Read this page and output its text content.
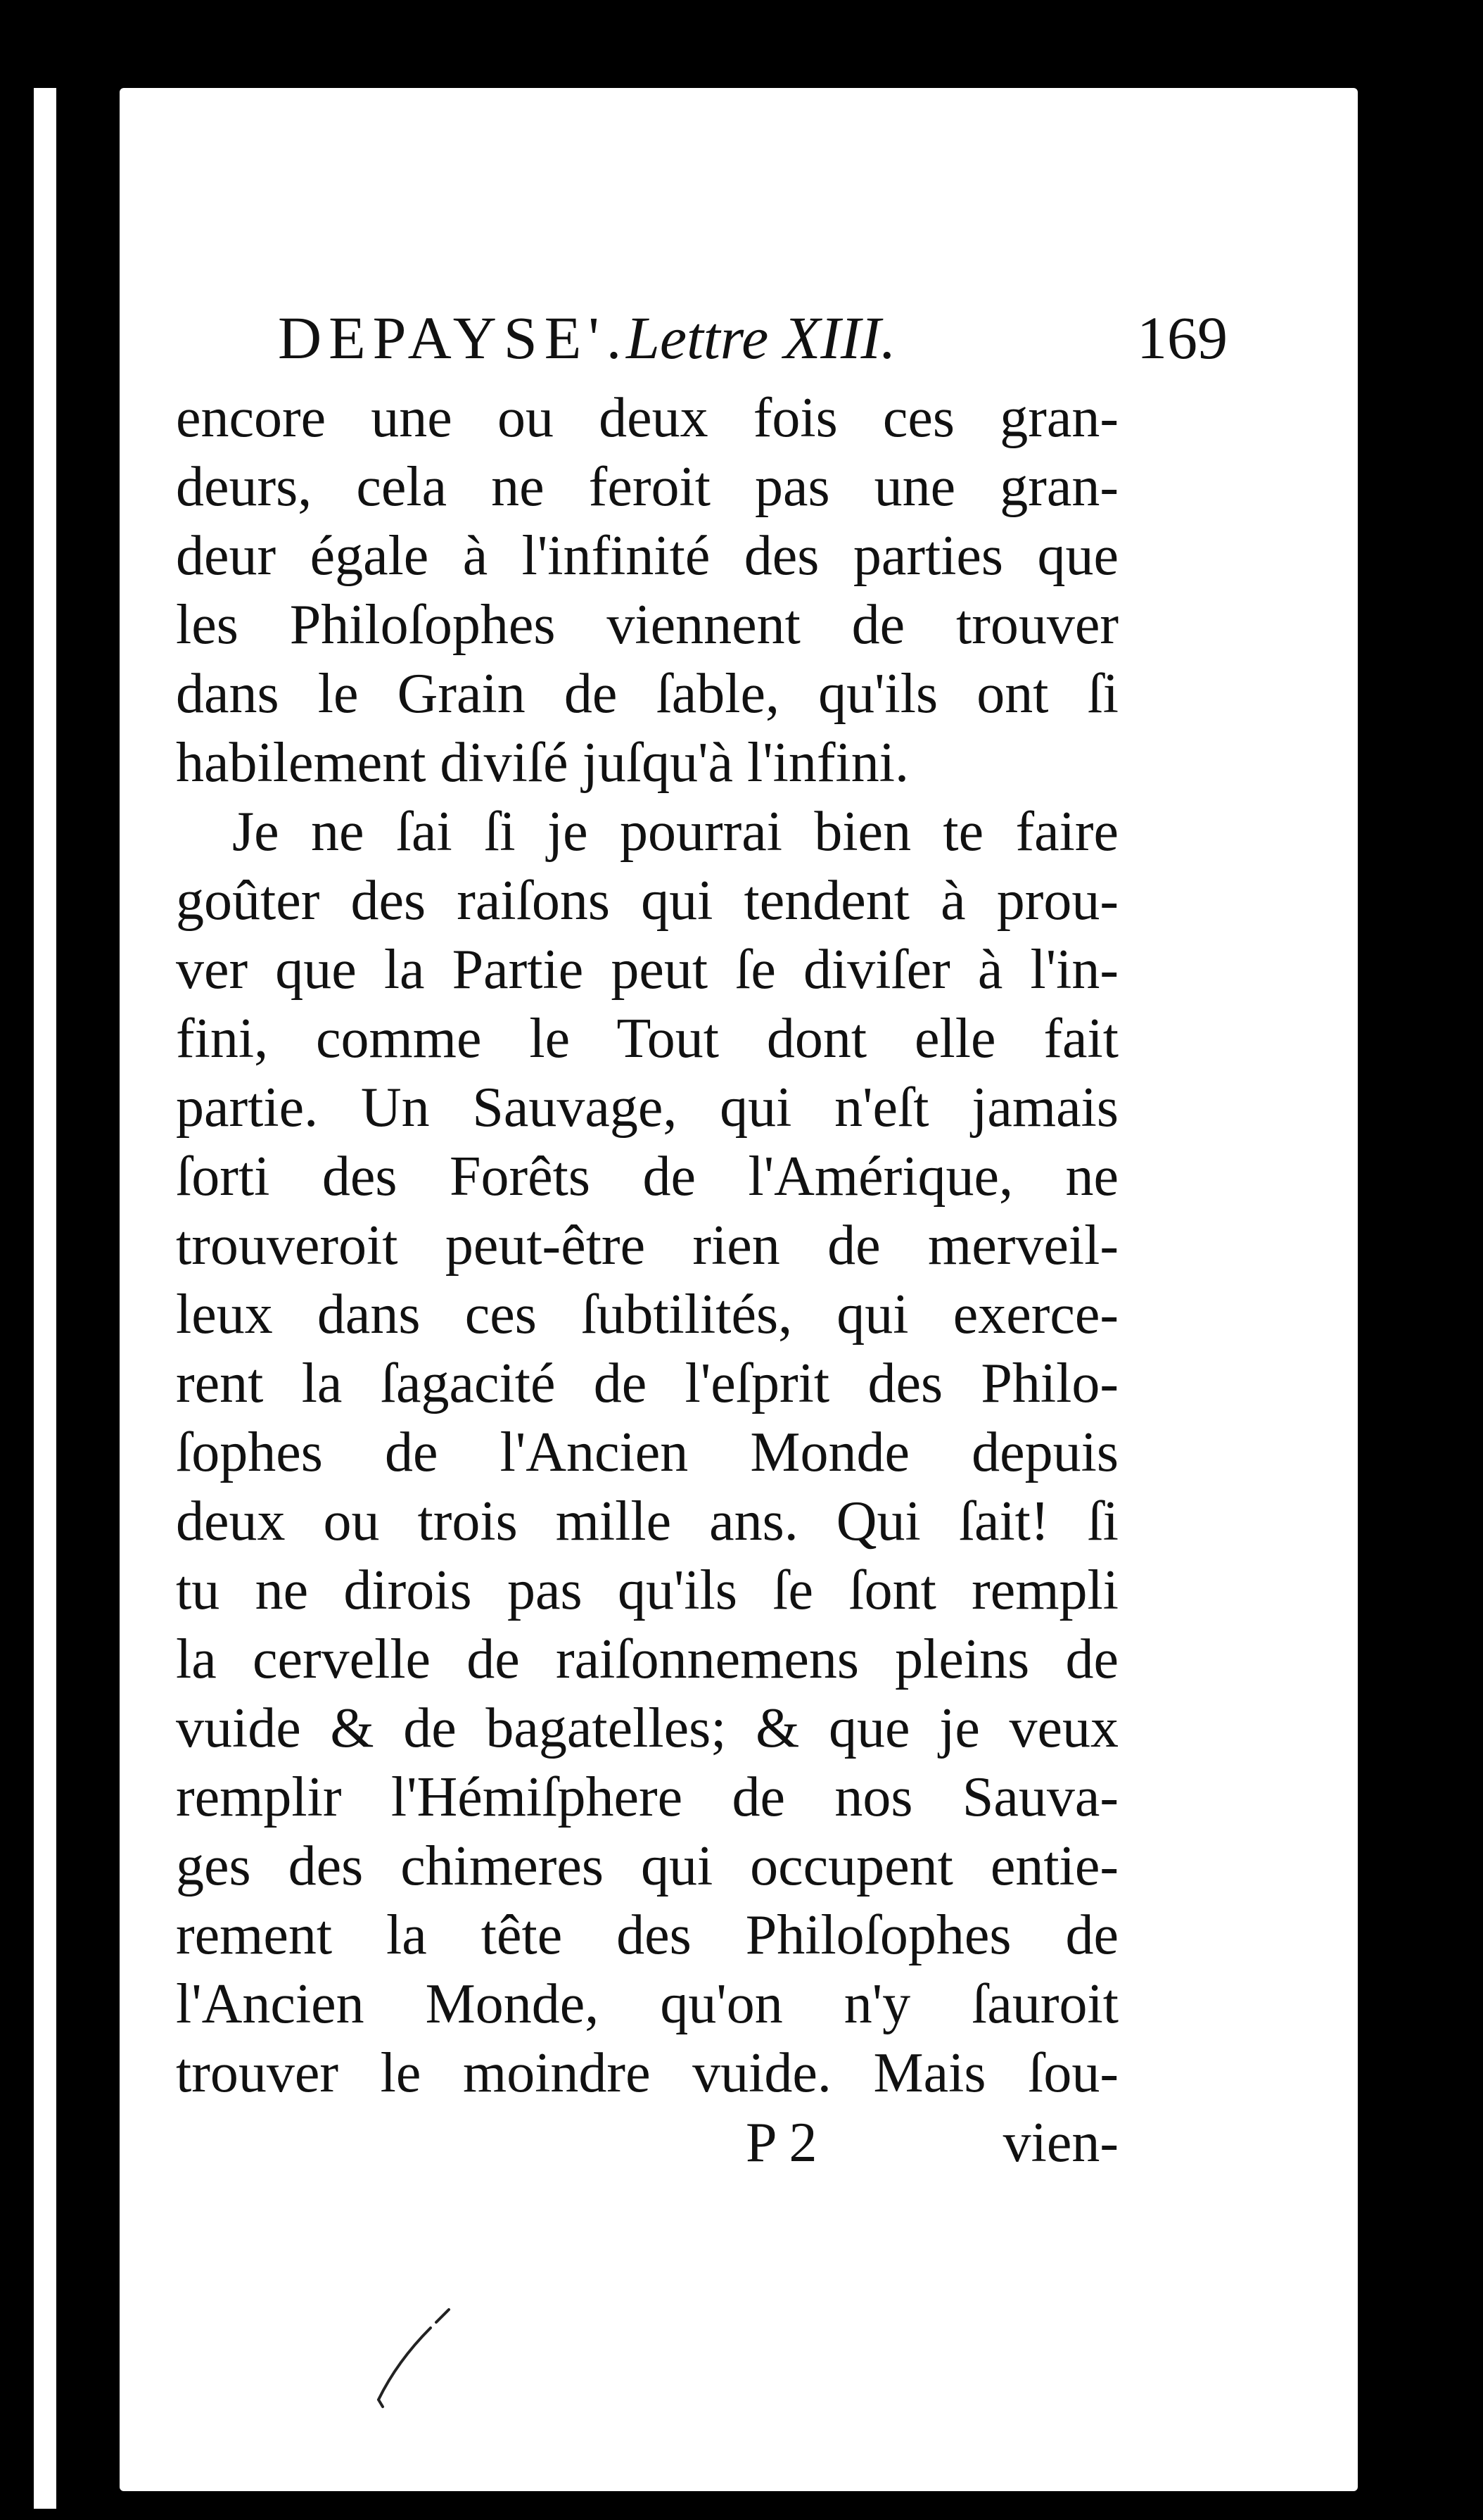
DEPAYSE'.
Lettre XIII.	169
encore une ou deux fois ces gran-
deurs, cela ne feroit pas une gran-
deur égale à l'infinité des parties que
les Philoſophes viennent de trouver
dans le Grain de ſable, qu'ils ont ſi
habilement diviſé juſqu'à l'infini.
Je ne ſai ſi je pourrai bien te faire
goûter des raiſons qui tendent à prou-
ver que la Partie peut ſe diviſer à l'in-
fini, comme le Tout dont elle fait
partie. Un Sauvage, qui n'eſt jamais
ſorti des Forêts de l'Amérique, ne
trouveroit peut-être rien de merveil-
leux dans ces ſubtilités, qui exerce-
rent la ſagacité de l'eſprit des Philo-
ſophes de l'Ancien Monde depuis
deux ou trois mille ans. Qui ſait! ſi
tu ne dirois pas qu'ils ſe ſont rempli
la cervelle de raiſonnemens pleins de
vuide & de bagatelles; & que je veux
remplir l'Hémiſphere de nos Sauva-
ges des chimeres qui occupent entie-
rement la tête des Philoſophes de
l'Ancien Monde, qu'on n'y ſauroit
trouver le moindre vuide. Mais ſou-
P 2	vien-
